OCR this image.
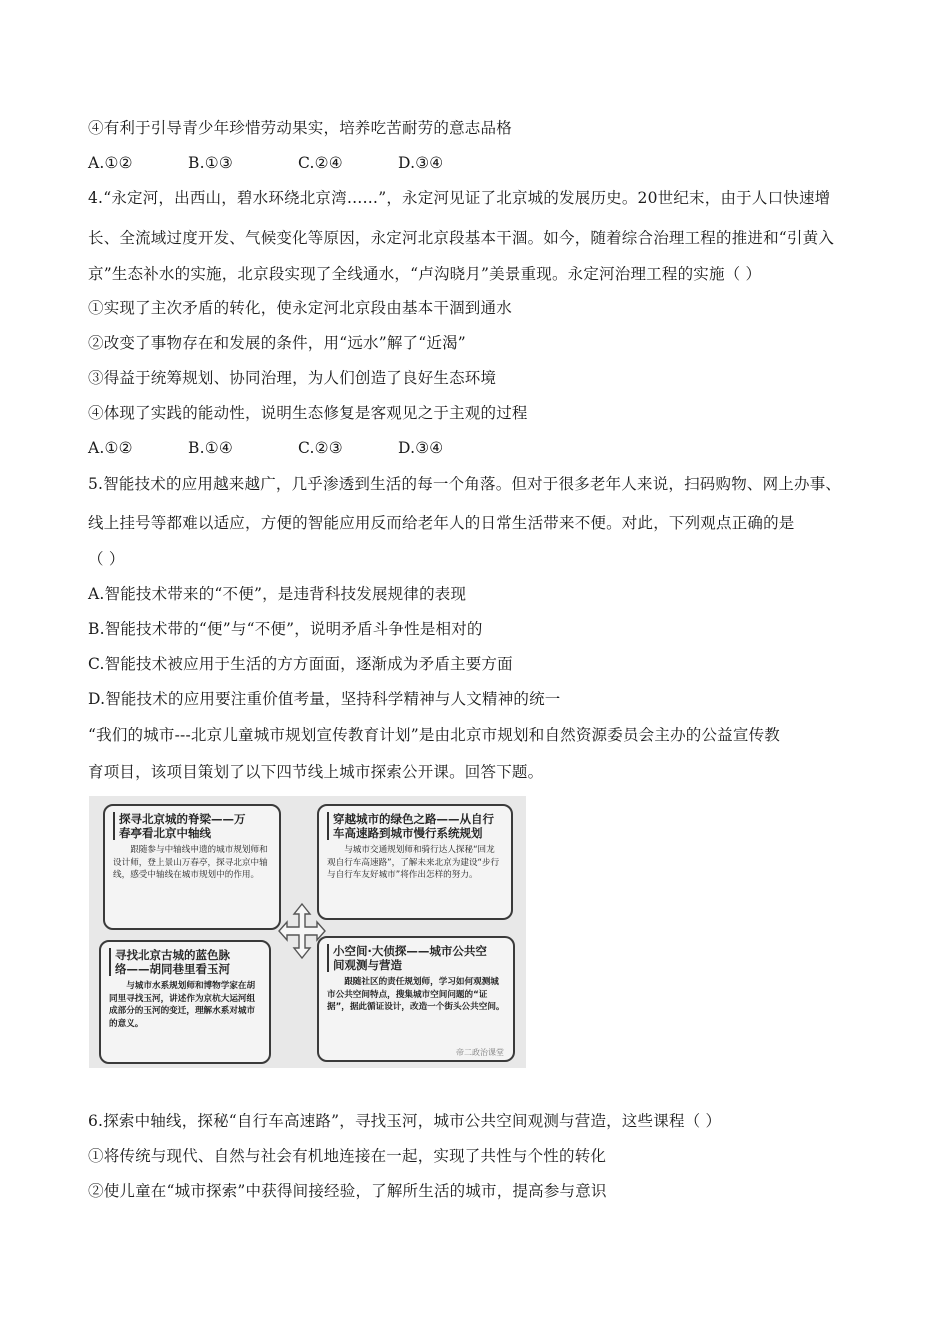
④有利于引导青少年珍惜劳动果实，培养吃苦耐劳的意志品格
A.①②	B.①③	C.②④	D.③④
4.“永定河，出西山，碧水环绕北京湾……”，永定河见证了北京城的发展历史。20世纪末，由于人口快速增
长、全流域过度开发、气候变化等原因，永定河北京段基本干涸。如今，随着综合治理工程的推进和“引黄入
京”生态补水的实施，北京段实现了全线通水，“卢沟晓月”美景重现。永定河治理工程的实施（ ）
①实现了主次矛盾的转化，使永定河北京段由基本干涸到通水
②改变了事物存在和发展的条件，用“远水”解了“近渴”
③得益于统筹规划、协同治理，为人们创造了良好生态环境
④体现了实践的能动性，说明生态修复是客观见之于主观的过程
A.①②	B.①④	C.②③	D.③④
5.智能技术的应用越来越广，几乎渗透到生活的每一个角落。但对于很多老年人来说，扫码购物、网上办事、
线上挂号等都难以适应，方便的智能应用反而给老年人的日常生活带来不便。对此，下列观点正确的是
（ ）
A.智能技术带来的“不便”，是违背科技发展规律的表现
B.智能技术带的“便”与“不便”，说明矛盾斗争性是相对的
C.智能技术被应用于生活的方方面面，逐渐成为矛盾主要方面
D.智能技术的应用要注重价值考量，坚持科学精神与人文精神的统一
“我们的城市---北京儿童城市规划宣传教育计划”是由北京市规划和自然资源委员会主办的公益宣传教
育项目，该项目策划了以下四节线上城市探索公开课。回答下题。
探寻北京城的脊梁——万
春亭看北京中轴线
跟随参与中轴线申遗的城市规划师和设计师，登上景山万春亭，探寻北京中轴线，感受中轴线在城市规划中的作用。
穿越城市的绿色之路——从自行
车高速路到城市慢行系统规划
与城市交通规划师和骑行达人探秘“回龙观自行车高速路”，了解未来北京为建设“步行与自行车友好城市”将作出怎样的努力。
寻找北京古城的蓝色脉
络——胡同巷里看玉河
与城市水系规划师和博物学家在胡同里寻找玉河，讲述作为京杭大运河组成部分的玉河的变迁，理解水系对城市的意义。
小空间·大侦探——城市公共空
间观测与营造
跟随社区的责任规划师，学习如何观测城市公共空间特点，搜集城市空间问题的“证据”，据此循证设计，改造一个街头公共空间。
帝二政治课堂
6.探索中轴线，探秘“自行车高速路”，寻找玉河，城市公共空间观测与营造，这些课程（ ）
①将传统与现代、自然与社会有机地连接在一起，实现了共性与个性的转化
②使儿童在“城市探索”中获得间接经验，了解所生活的城市，提高参与意识
